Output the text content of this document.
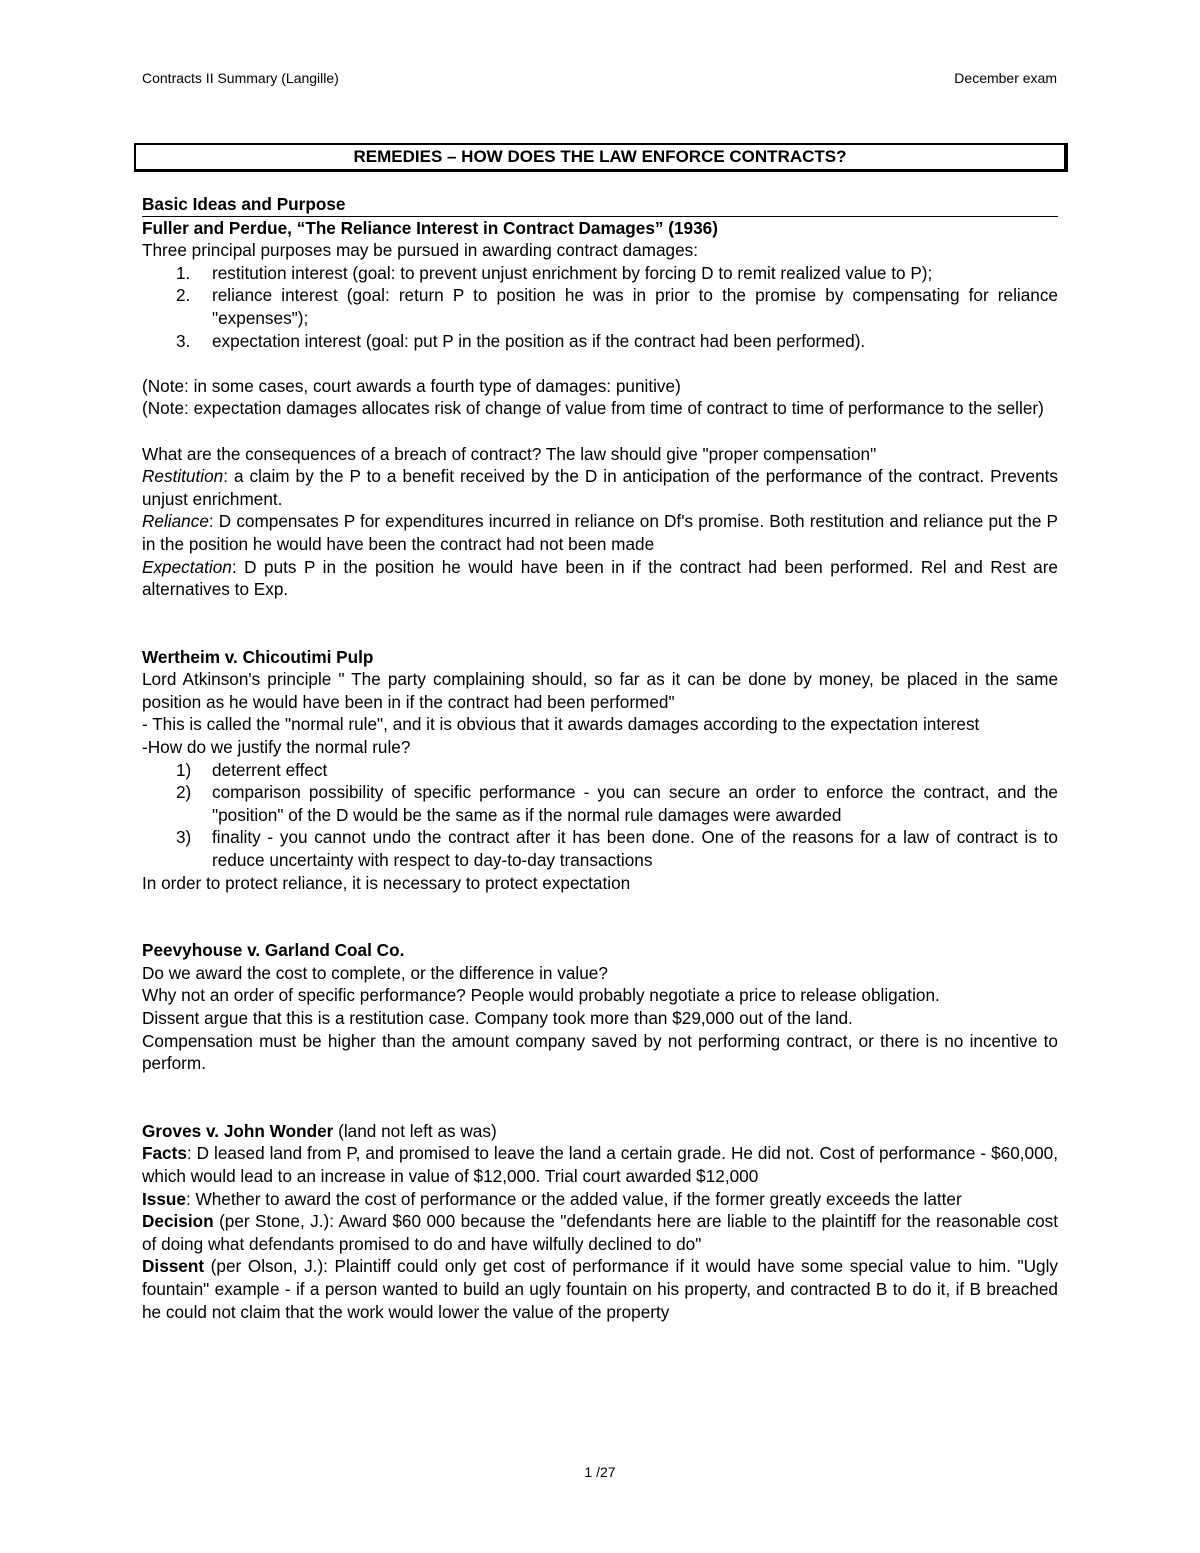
Contracts II Summary (Langille)	December exam
REMEDIES – HOW DOES THE LAW ENFORCE CONTRACTS?

Basic Ideas and Purpose

Fuller and Perdue, “The Reliance Interest in Contract Damages” (1936)

Three principal purposes may be pursued in awarding contract damages:

1. restitution interest (goal: to prevent unjust enrichment by forcing D to remit realized value to P);
2. reliance interest (goal: return P to position he was in prior to the promise by compensating for reliance "expenses");
3. expectation interest (goal: put P in the position as if the contract had been performed).

(Note: in some cases, court awards a fourth type of damages: punitive)

(Note: expectation damages allocates risk of change of value from time of contract to time of performance to the seller)

What are the consequences of a breach of contract? The law should give "proper compensation"

Restitution: a claim by the P to a benefit received by the D in anticipation of the performance of the contract. Prevents unjust enrichment.

Reliance: D compensates P for expenditures incurred in reliance on Df's promise. Both restitution and reliance put the P in the position he would have been the contract had not been made

Expectation: D puts P in the position he would have been in if the contract had been performed. Rel and Rest are alternatives to Exp.

Wertheim v. Chicoutimi Pulp

Lord Atkinson's principle " The party complaining should, so far as it can be done by money, be placed in the same position as he would have been in if the contract had been performed"

- This is called the "normal rule", and it is obvious that it awards damages according to the expectation interest

-How do we justify the normal rule?

1) deterrent effect
2) comparison possibility of specific performance - you can secure an order to enforce the contract, and the "position" of the D would be the same as if the normal rule damages were awarded
3) finality - you cannot undo the contract after it has been done. One of the reasons for a law of contract is to reduce uncertainty with respect to day-to-day transactions

In order to protect reliance, it is necessary to protect expectation

Peevyhouse v. Garland Coal Co.

Do we award the cost to complete, or the difference in value?

Why not an order of specific performance? People would probably negotiate a price to release obligation.

Dissent argue that this is a restitution case. Company took more than $29,000 out of the land.

Compensation must be higher than the amount company saved by not performing contract, or there is no incentive to perform.

Groves v. John Wonder (land not left as was)

Facts: D leased land from P, and promised to leave the land a certain grade. He did not. Cost of performance - $60,000, which would lead to an increase in value of $12,000. Trial court awarded $12,000

Issue: Whether to award the cost of performance or the added value, if the former greatly exceeds the latter

Decision (per Stone, J.): Award $60 000 because the "defendants here are liable to the plaintiff for the reasonable cost of doing what defendants promised to do and have wilfully declined to do"

Dissent (per Olson, J.): Plaintiff could only get cost of performance if it would have some special value to him. "Ugly fountain" example - if a person wanted to build an ugly fountain on his property, and contracted B to do it, if B breached he could not claim that the work would lower the value of the property

1 /27
